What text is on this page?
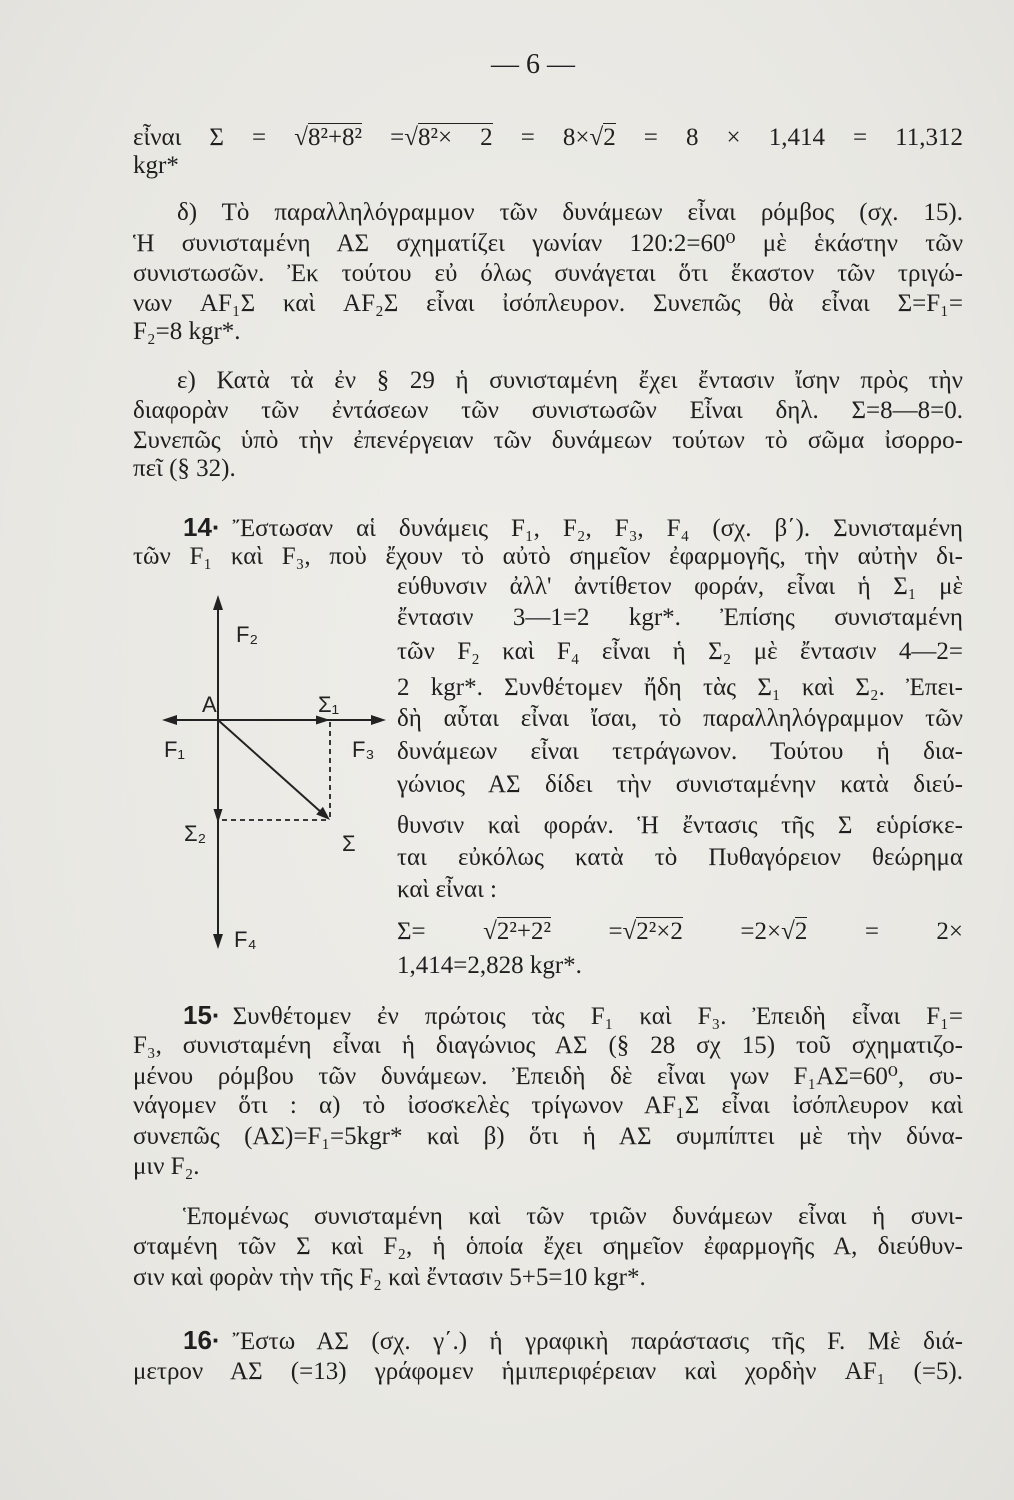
— 6 —
εἶναι Σ = √8²+8² =√8²× 2 = 8×√2 = 8 × 1,414 = 11,312
kgr*
δ) Τὸ παραλληλόγραμμον τῶν δυνάμεων εἶναι ρόμβος (σχ. 15).
Ἡ συνισταμένη ΑΣ σχηματίζει γωνίαν 120:2=60⁰ μὲ ἑκάστην τῶν
συνιστωσῶν. Ἐκ τούτου εὐ όλως συνάγεται ὅτι ἕκαστον τῶν τριγώ-
νων AF₁Σ καὶ AF₂Σ εἶναι ἰσόπλευρον. Συνεπῶς θὰ εἶναι Σ=F₁=
F₂=8 kgr*.
ε) Κατὰ τὰ ἐν § 29 ἡ συνισταμένη ἔχει ἔντασιν ἴσην πρὸς τὴν
διαφορὰν τῶν ἐντάσεων τῶν συνιστωσῶν Εἶναι δηλ. Σ=8—8=0.
Συνεπῶς ὑπὸ τὴν ἐπενέργειαν τῶν δυνάμεων τούτων τὸ σῶμα ἰσορρο-
πεῖ (§ 32).
14· Ἔστωσαν αἱ δυνάμεις F₁, F₂, F₃, F₄ (σχ. β΄). Συνισταμένη
τῶν F₁ καὶ F₃, ποὺ ἔχουν τὸ αὐτὸ σημεῖον ἐφαρμογῆς, τὴν αὐτὴν δι-
εύθυνσιν ἀλλ' ἀντίθετον φοράν, εἶναι ἡ Σ₁ μὲ
ἔντασιν 3—1=2 kgr*. Ἐπίσης συνισταμένη
τῶν F₂ καὶ F₄ εἶναι ἡ Σ₂ μὲ ἔντασιν 4—2=
2 kgr*. Συνθέτομεν ἤδη τὰς Σ₁ καὶ Σ₂. Ἐπει-
δὴ αὗται εἶναι ἴσαι, τὸ παραλληλόγραμμον τῶν
δυνάμεων εἶναι τετράγωνον. Τούτου ἡ δια-
γώνιος ΑΣ δίδει τὴν συνισταμένην κατὰ διεύ-
θυνσιν καὶ φοράν. Ἡ ἔντασις τῆς Σ εὑρίσκε-
ται εὐκόλως κατὰ τὸ Πυθαγόρειον θεώρημα
καὶ εἶναι :
Σ= √2²+2² =√2²×2 =2×√2 = 2×
1,414=2,828 kgr*.
F₂
A	Σ₁
F₁	F₃
Σ₂	Σ
F₄
15· Συνθέτομεν ἐν πρώτοις τὰς F₁ καὶ F₃. Ἐπειδὴ εἶναι F₁=
F₃, συνισταμένη εἶναι ἡ διαγώνιος ΑΣ (§ 28 σχ 15) τοῦ σχηματιζο-
μένου ρόμβου τῶν δυνάμεων. Ἐπειδὴ δὲ εἶναι γων F₁ΑΣ=60⁰, συ-
νάγομεν ὅτι : α) τὸ ἰσοσκελὲς τρίγωνον ΑF₁Σ εἶναι ἰσόπλευρον καὶ
συνεπῶς (ΑΣ)=F₁=5kgr* καὶ β) ὅτι ἡ ΑΣ συμπίπτει μὲ τὴν δύνα-
μιν F₂.
Ἑπομένως συνισταμένη καὶ τῶν τριῶν δυνάμεων εἶναι ἡ συνι-
σταμένη τῶν Σ καὶ F₂, ἡ ὁποία ἔχει σημεῖον ἐφαρμογῆς Α, διεύθυν-
σιν καὶ φορὰν τὴν τῆς F₂ καὶ ἔντασιν 5+5=10 kgr*.
16· Ἔστω ΑΣ (σχ. γ΄.) ἡ γραφικὴ παράστασις τῆς F. Μὲ διά-
μετρον ΑΣ (=13) γράφομεν ἡμιπεριφέρειαν καὶ χορδὴν AF₁ (=5).
